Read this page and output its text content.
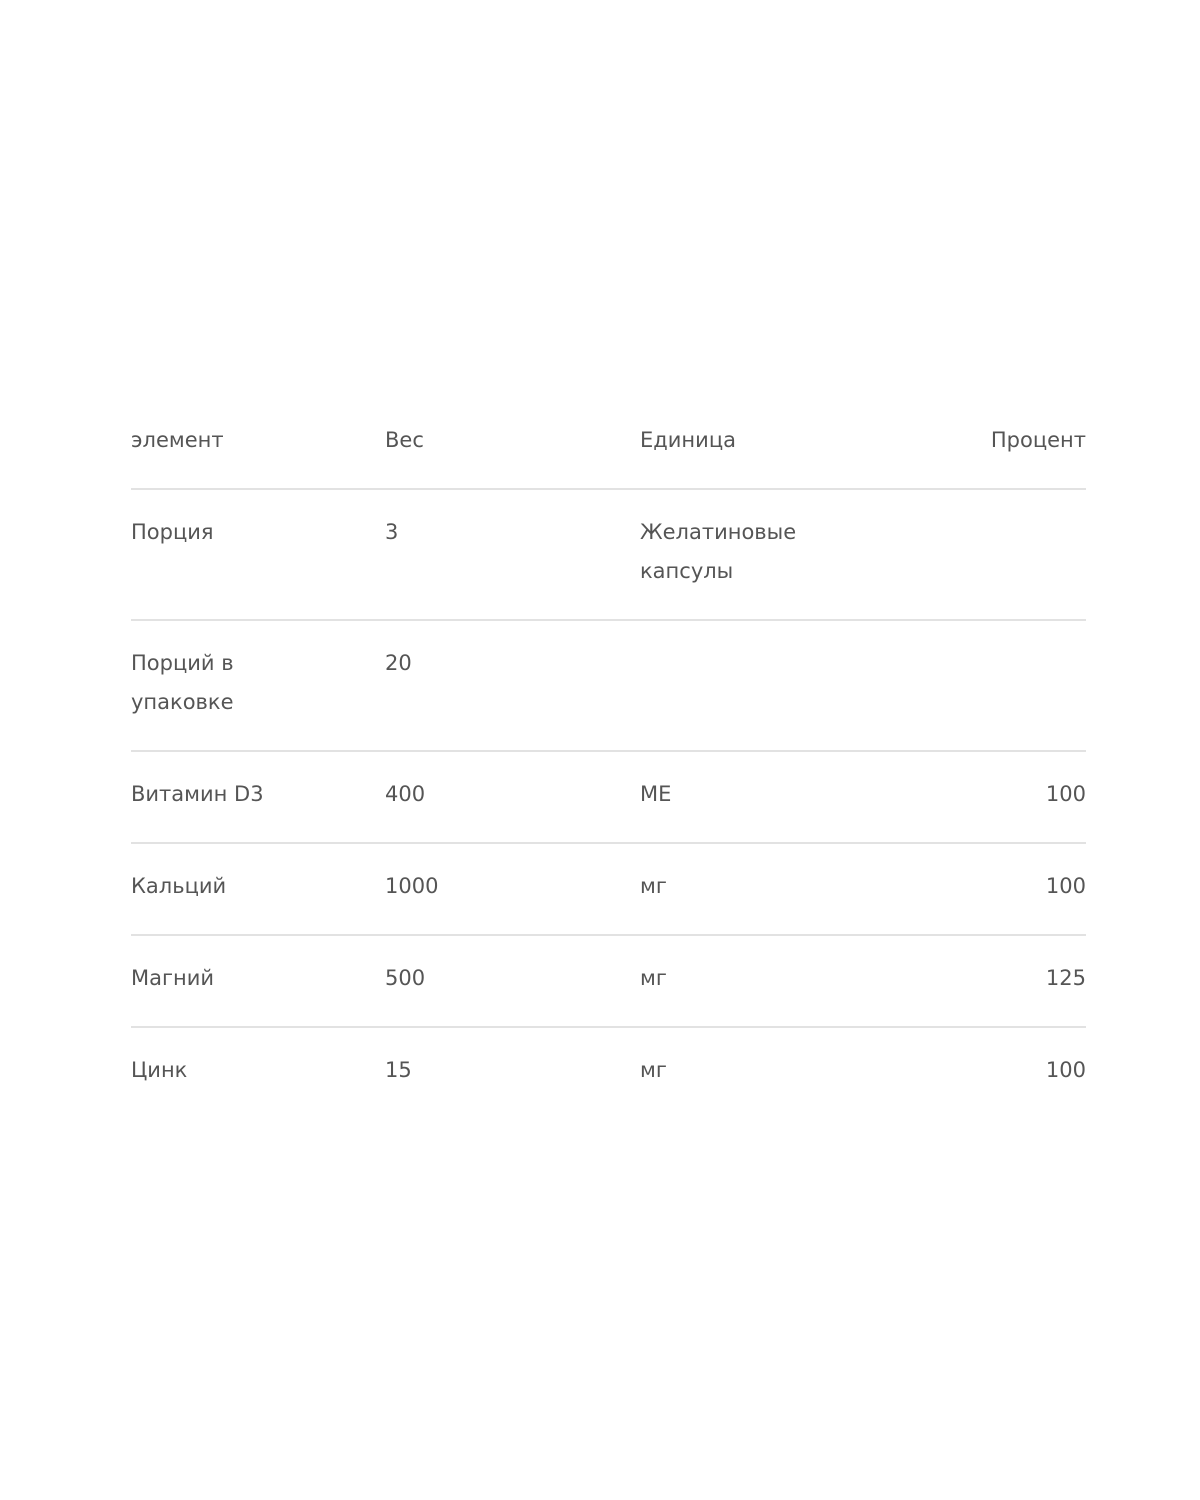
элемент	Вес	Единица	Процент
Порция	3	Желатиновые капсулы	
Порций в упаковке	20		
Витамин D3	400	МЕ	100
Кальций	1000	мг	100
Магний	500	мг	125
Цинк	15	мг	100
